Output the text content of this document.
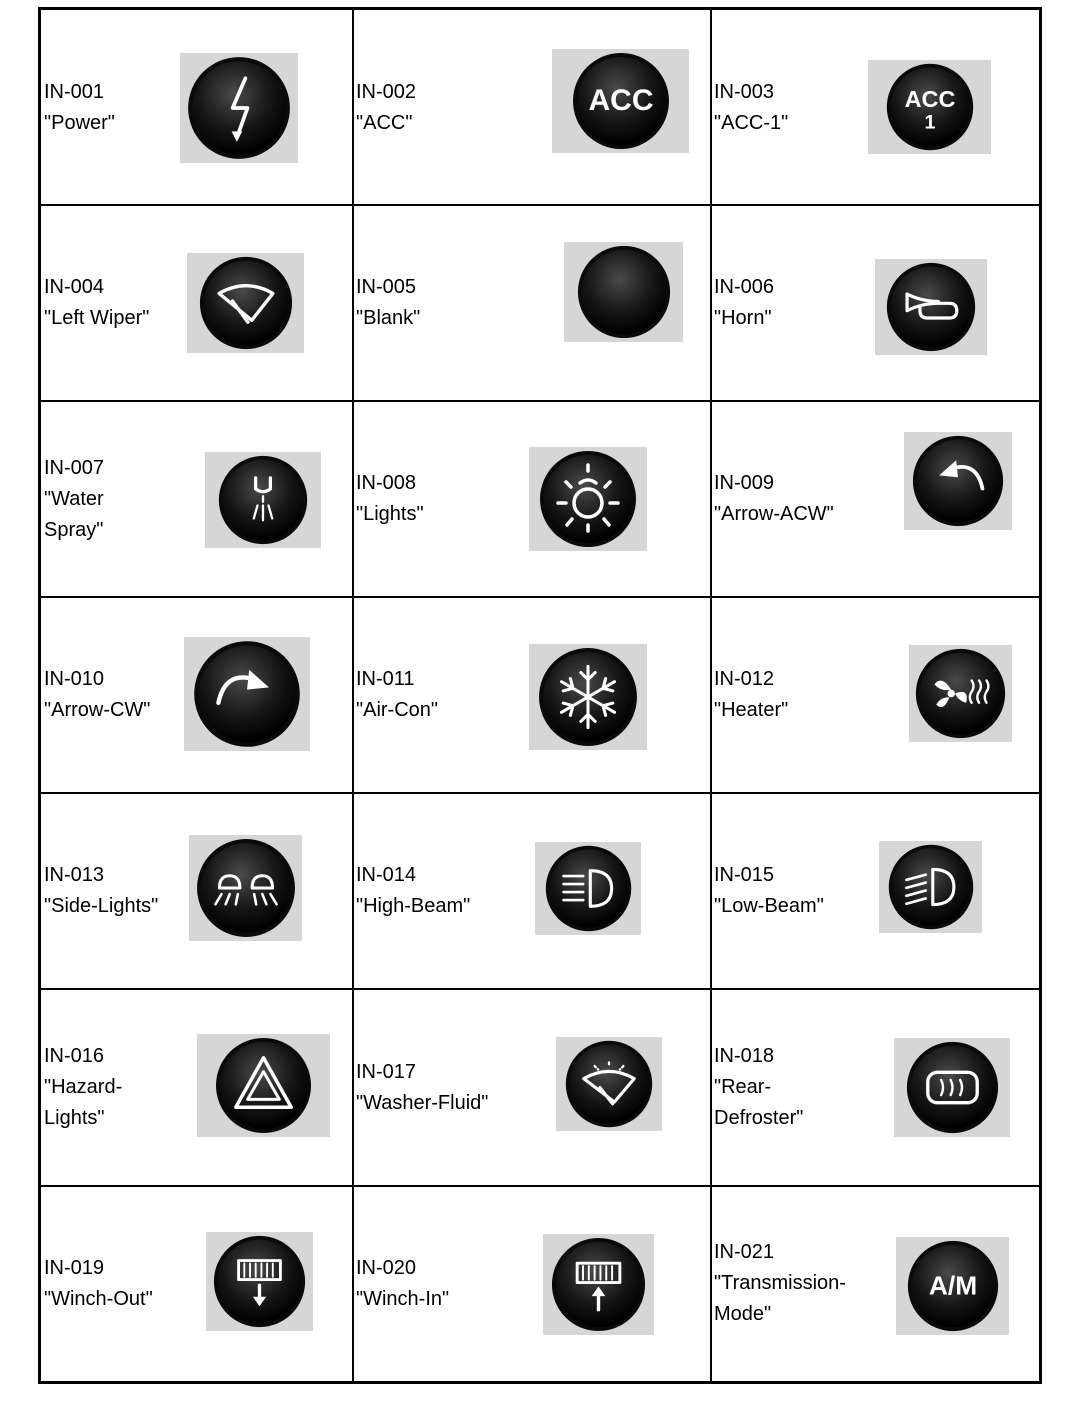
IN-001
"Power"
IN-002
"ACC"
ACC	IN-003
"ACC-1"
ACC
1
IN-004
"Left Wiper"
IN-005
"Blank"
IN-006
"Horn"
IN-007
"Water
Spray"
IN-008
"Lights"
IN-009
"Arrow-ACW"
IN-010
"Arrow-CW"
IN-011
"Air-Con"
IN-012
"Heater"
IN-013
"Side-Lights"
IN-014
"High-Beam"
IN-015
"Low-Beam"
IN-016
"Hazard-
Lights"
IN-017
"Washer-Fluid"
IN-018
"Rear-
Defroster"
IN-019
"Winch-Out"
IN-020
"Winch-In"
IN-021
"Transmission-
Mode"
A/M
